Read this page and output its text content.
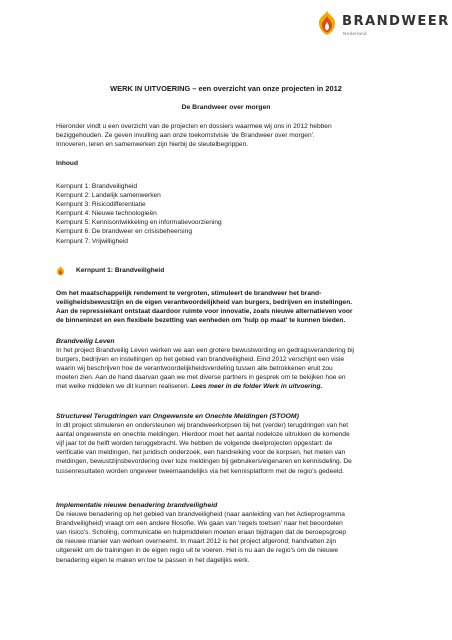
BRANDWEER
Nederland
WERK IN UITVOERING – een overzicht van onze projecten in 2012
De Brandweer over morgen

Hieronder vindt u een overzicht van de projecten en dossiers waarmee wij ons in 2012 hebben

beziggehouden. Ze geven invulling aan onze toekomstvisie 'de Brandweer over morgen'.

Innoveren, leren en samenwerken zijn hierbij de sleutelbegrippen.

Inhoud
Kernpunt 1: Brandveiligheid
Kernpunt 2: Landelijk samenwerken
Kernpunt 3: Risicodifferentiatie
Kernpunt 4: Nieuwe technologieën
Kernpunt 5: Kennisontwikkeling en informatievoorziening
Kernpunt 6: De brandweer en crisisbeheersing
Kernpunt 7: Vrijwilligheid
Kernpunt 1: Brandveiligheid

Om het maatschappelijk rendement te vergroten, stimuleert de brandweer het brand-

veiligheidsbewustzijn en de eigen verantwoordelijkheid van burgers, bedrijven en instellingen.

Aan de repressiekant ontstaat daardoor ruimte voor innovatie, zoals nieuwe alternatieven voor

de binneninzet en een flexibele bezetting van eenheden om 'hulp op maat' te kunnen bieden.

Brandveilig Leven

In het project Brandveilig Leven werken we aan een grotere bewustwording en gedragsverandering bij

burgers, bedrijven en instellingen op het gebied van brandveiligheid. Eind 2012 verschijnt een visie

waarin wij beschrijven hoe de verantwoordelijkheidsverdeling tussen alle betrokkenen eruit zou

moeten zien. Aan de hand daarvan gaan we met diverse partners in gesprek om te bekijken hoe en

met welke middelen we dit kunnen realiseren. Lees meer in de folder Werk in uitvoering.

Structureel Terugdringen van Ongewenste en Onechte Meldingen (STOOM)

In dit project stimuleren en ondersteunen wij brandweerkorpsen bij het (verder) terugdringen van het

aantal ongewenste en onechte meldingen. Hierdoor moet het aantal nodeloze uitrukken de komende

vijf jaar tot de helft worden teruggebracht. We hebben de volgende deelprojecten opgestart: de

verificatie van meldingen, het juridisch onderzoek, een handreiking voor de korpsen, het meten van

meldingen, bewustzijnsbevordering over loze meldingen bij gebruikers/eigenaren en kennisdeling. De

tussenresultaten worden ongeveer tweemaandelijks via het kennisplatform met de regio's gedeeld.

Implementatie nieuwe benadering brandveiligheid

De nieuwe benadering op het gebied van brandveiligheid (naar aanleiding van het Actieprogramma

Brandveiligheid) vraagt om een andere filosofie. We gaan van 'regels toetsen' naar het beoordelen

van risico's. Scholing, communicatie en hulpmiddelen moeten eraan bijdragen dat de beroepsgroep

de nieuwe manier van werken overneemt. In maart 2012 is het project afgerond; handvatten zijn

uitgereikt om de trainingen in de eigen regio uit te voeren. Het is nu aan de regio's om de nieuwe

benadering eigen te maken en toe te passen in het dagelijks werk.
